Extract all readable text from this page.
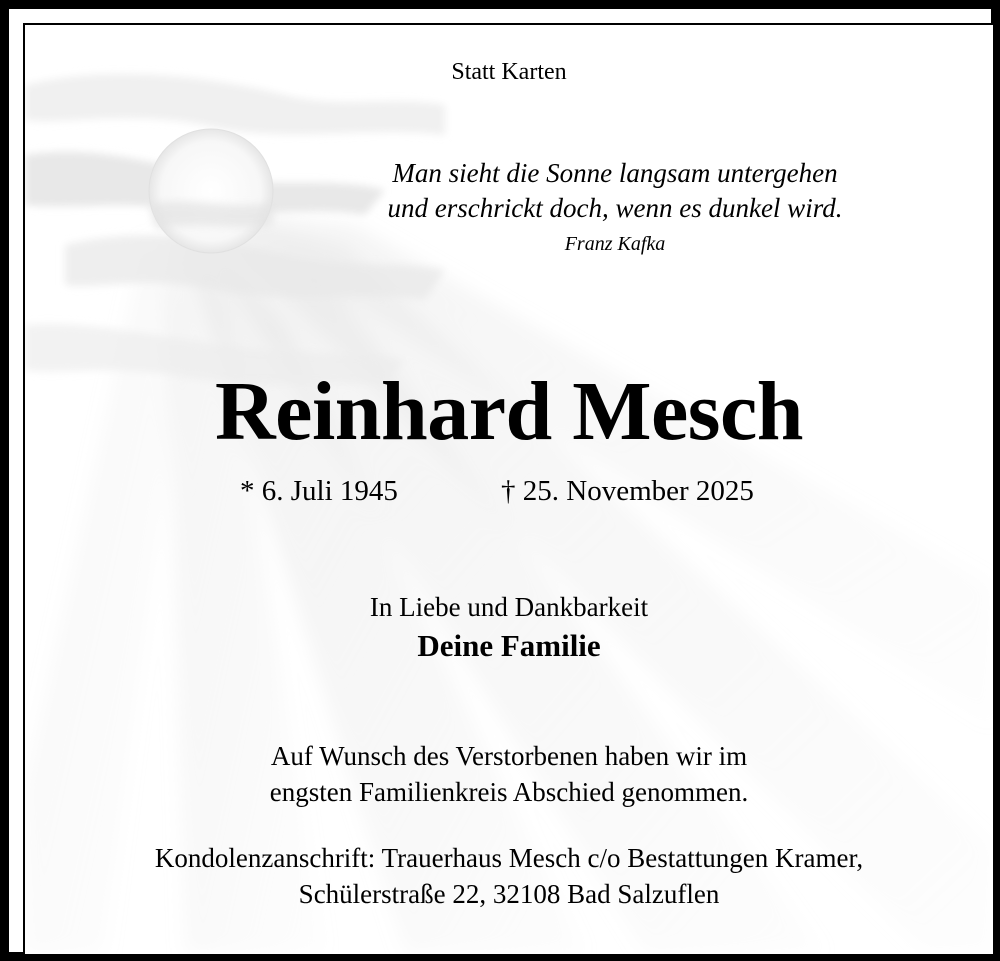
Statt Karten
Man sieht die Sonne langsam untergehen
und erschrickt doch, wenn es dunkel wird.
Franz Kafka
Reinhard Mesch
* 6. Juli 1945	† 25. November 2025
In Liebe und Dankbarkeit
Deine Familie
Auf Wunsch des Verstorbenen haben wir im
engsten Familienkreis Abschied genommen.
Kondolenzanschrift: Trauerhaus Mesch c/o Bestattungen Kramer,
Schülerstraße 22, 32108 Bad Salzuflen
